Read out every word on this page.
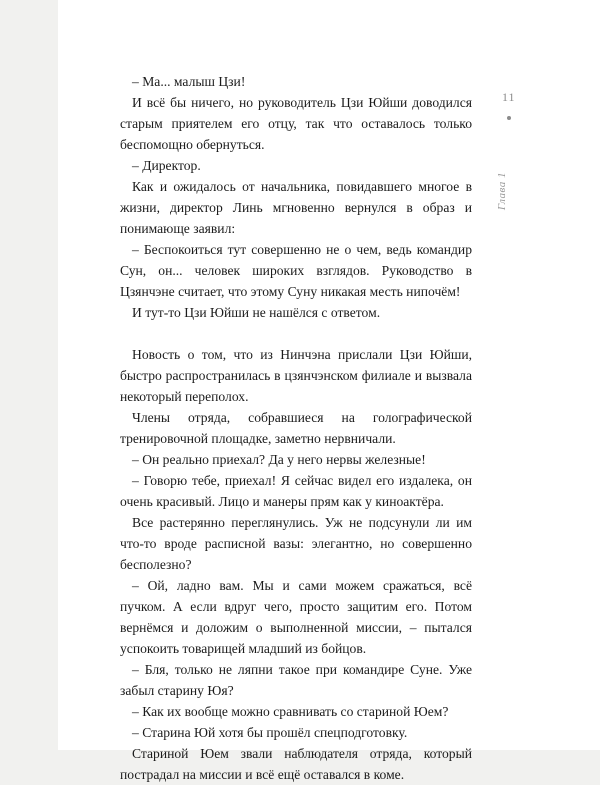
11
Глава 1

– Ма... малыш Цзи!

И всё бы ничего, но руководитель Цзи Юйши доводился старым приятелем его отцу, так что оставалось только беспомощно обернуться.

– Директор.

Как и ожидалось от начальника, повидавшего многое в жизни, директор Линь мгновенно вернулся в образ и понимающе заявил:

– Беспокоиться тут совершенно не о чем, ведь командир Сун, он... человек широких взглядов. Руководство в Цзянчэне считает, что этому Суну никакая месть нипочём!

И тут-то Цзи Юйши не нашёлся с ответом.

Новость о том, что из Нинчэна прислали Цзи Юйши, быстро распространилась в цзянчэнском филиале и вызвала некоторый переполох.

Члены отряда, собравшиеся на голографической тренировочной площадке, заметно нервничали.

– Он реально приехал? Да у него нервы железные!

– Говорю тебе, приехал! Я сейчас видел его издалека, он очень красивый. Лицо и манеры прям как у киноактёра.

Все растерянно переглянулись. Уж не подсунули ли им что-то вроде расписной вазы: элегантно, но совершенно бесполезно?

– Ой, ладно вам. Мы и сами можем сражаться, всё пучком. А если вдруг чего, просто защитим его. Потом вернёмся и доложим о выполненной миссии, – пытался успокоить товарищей младший из бойцов.

– Бля, только не ляпни такое при командире Суне. Уже забыл старину Юя?

– Как их вообще можно сравнивать со стариной Юем?

– Старина Юй хотя бы прошёл спецподготовку.

Стариной Юем звали наблюдателя отряда, который пострадал на миссии и всё ещё оставался в коме.
